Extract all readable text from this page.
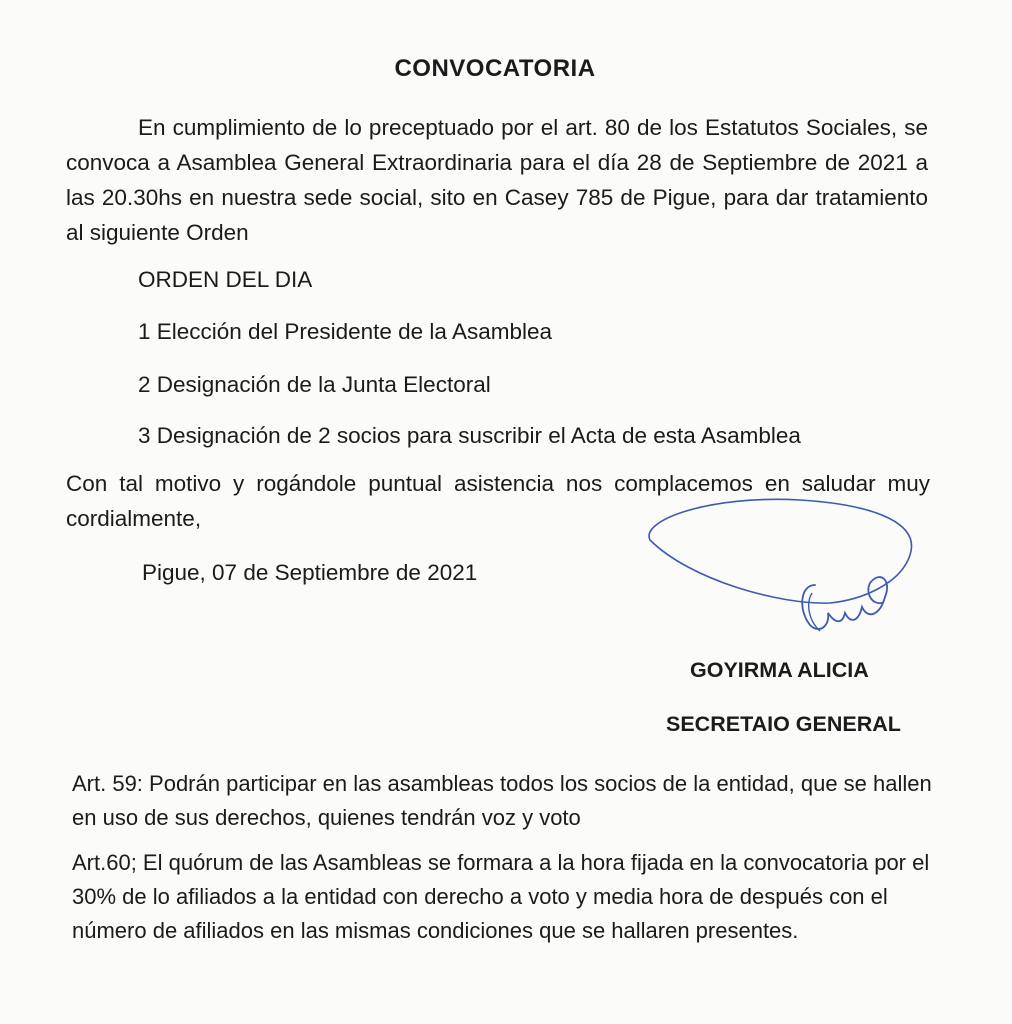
CONVOCATORIA
En cumplimiento de lo preceptuado por el art. 80 de los Estatutos Sociales, se convoca a Asamblea General Extraordinaria para el día 28 de Septiembre de 2021 a las 20.30hs en nuestra sede social, sito en Casey 785 de Pigue, para dar tratamiento al siguiente Orden
ORDEN DEL DIA
1 Elección del Presidente de la Asamblea
2 Designación de la Junta Electoral
3 Designación de 2 socios para suscribir el Acta de esta Asamblea
Con tal motivo y rogándole puntual asistencia nos complacemos en saludar muy cordialmente,
Pigue, 07 de Septiembre de 2021
GOYIRMA ALICIA
SECRETAIO GENERAL
Art. 59: Podrán participar en las asambleas todos los socios de la entidad, que se hallen en uso de sus derechos, quienes tendrán voz y voto
Art.60; El quórum de las Asambleas se formara a la hora fijada en la convocatoria por el 30% de lo afiliados a la entidad con derecho a voto y media hora de después con el número de afiliados en las mismas condiciones que se hallaren presentes.
